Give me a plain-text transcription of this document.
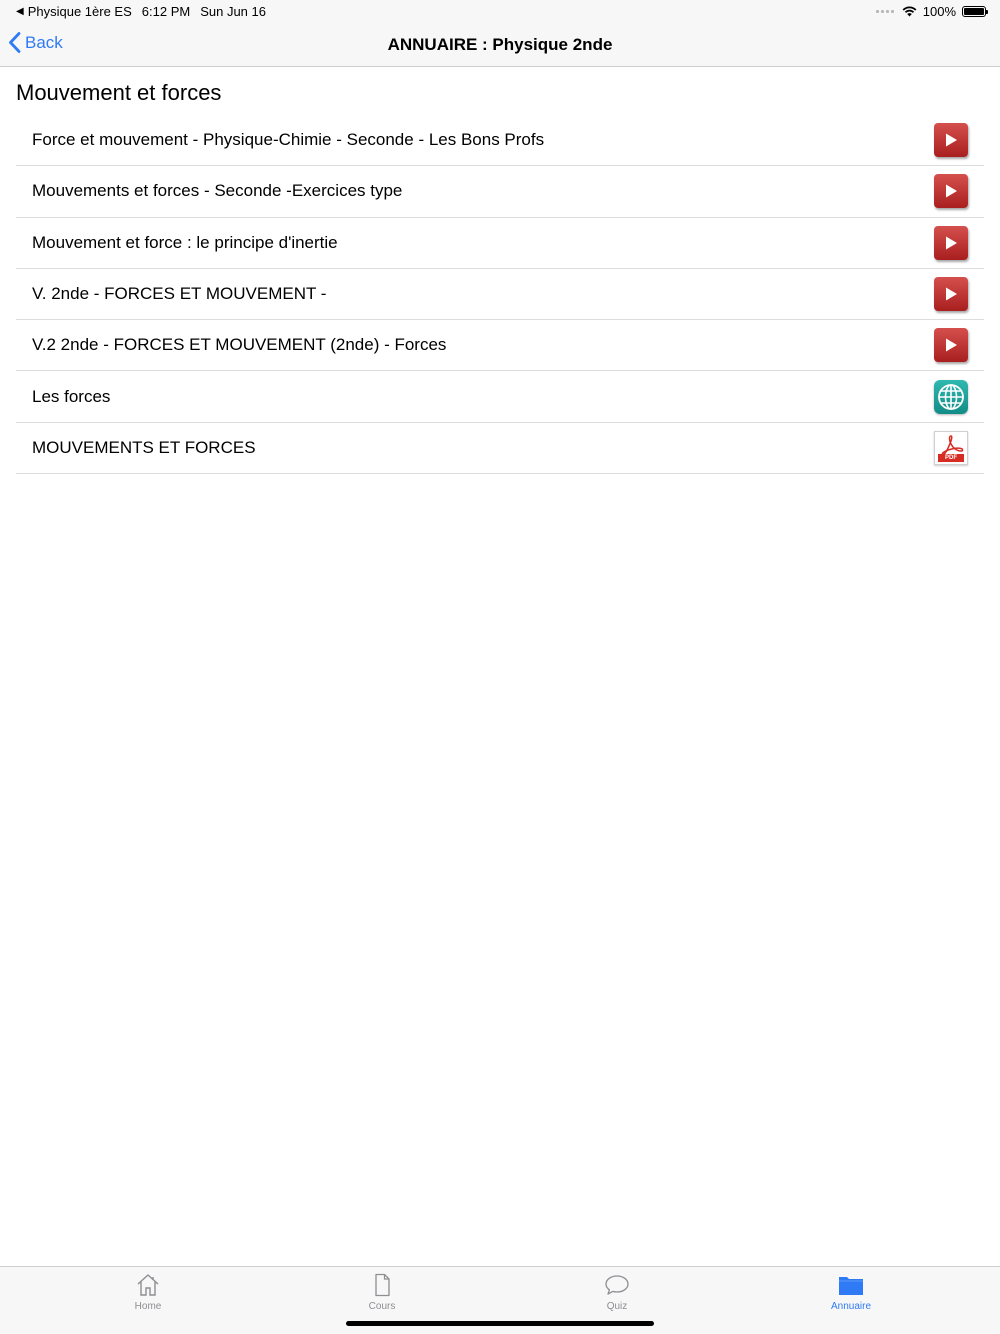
◀ Physique 1ère ES 6:12 PM Sun Jun 16	100%
Back	ANNUAIRE : Physique 2nde
Mouvement et forces
Force et mouvement - Physique-Chimie - Seconde - Les Bons Profs
Mouvements et forces - Seconde -Exercices type
Mouvement et force : le principe d'inertie
V. 2nde - FORCES ET MOUVEMENT -
V.2 2nde - FORCES ET MOUVEMENT (2nde) - Forces
Les forces
MOUVEMENTS ET FORCES
PDF
Home	Cours	Quiz	Annuaire
